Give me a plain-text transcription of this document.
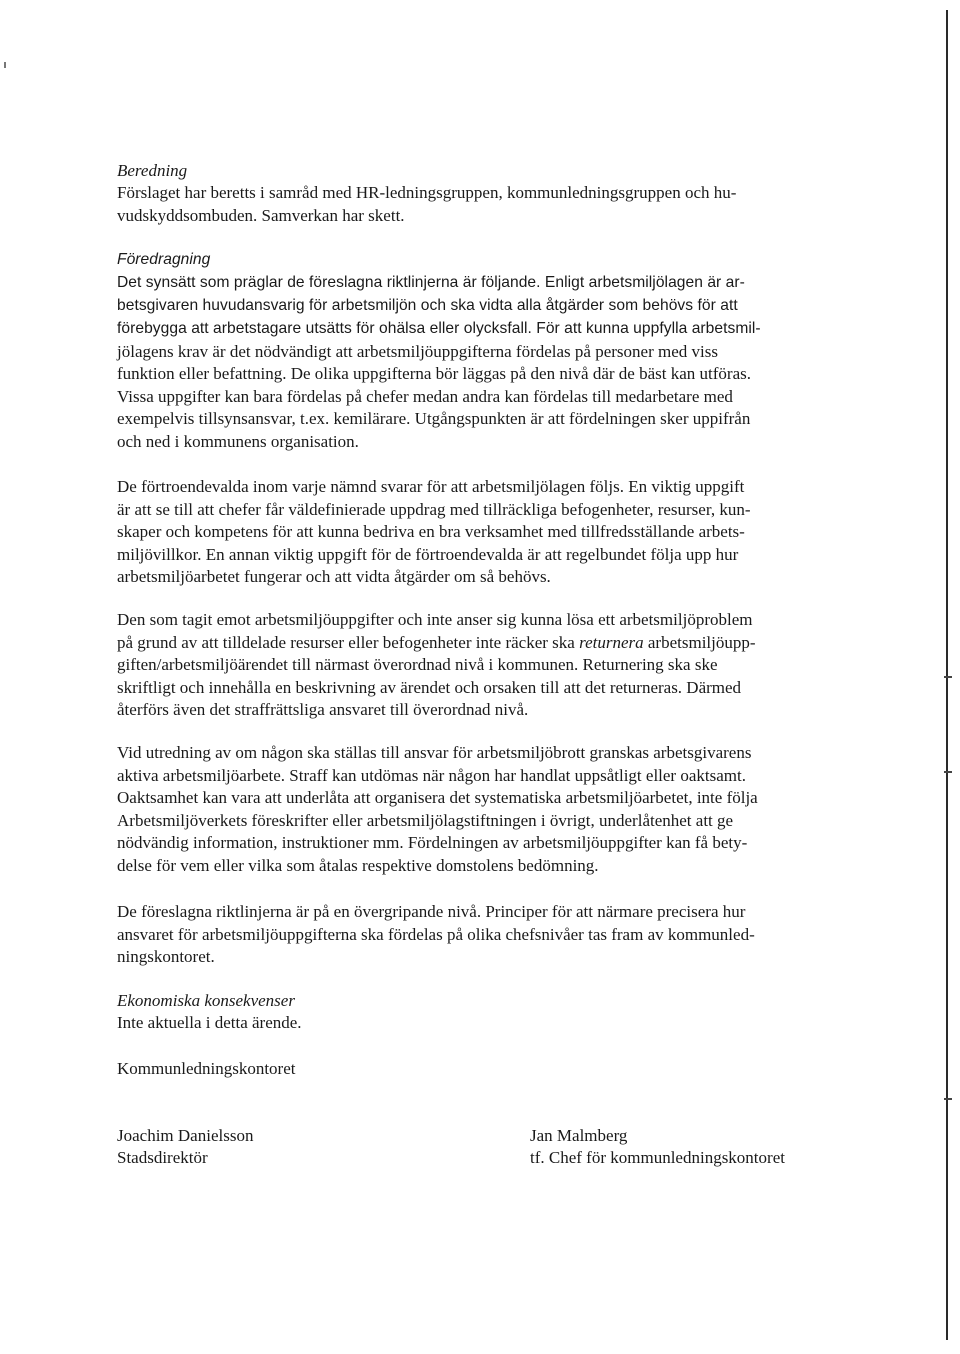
Beredning

Förslaget har beretts i samråd med HR-ledningsgruppen, kommunledningsgruppen och hu-

vudskyddsombuden. Samverkan har skett.

Föredragning

Det synsätt som präglar de föreslagna riktlinjerna är följande. Enligt arbetsmiljölagen är ar-

betsgivaren huvudansvarig för arbetsmiljön och ska vidta alla åtgärder som behövs för att

förebygga att arbetstagare utsätts för ohälsa eller olycksfall. För att kunna uppfylla arbetsmil-

jölagens krav är det nödvändigt att arbetsmiljöuppgifterna fördelas på personer med viss

funktion eller befattning. De olika uppgifterna bör läggas på den nivå där de bäst kan utföras.

Vissa uppgifter kan bara fördelas på chefer medan andra kan fördelas till medarbetare med

exempelvis tillsynsansvar, t.ex. kemilärare. Utgångspunkten är att fördelningen sker uppifrån

och ned i kommunens organisation.

De förtroendevalda inom varje nämnd svarar för att arbetsmiljölagen följs. En viktig uppgift

är att se till att chefer får väldefinierade uppdrag med tillräckliga befogenheter, resurser, kun-

skaper och kompetens för att kunna bedriva en bra verksamhet med tillfredsställande arbets-

miljövillkor. En annan viktig uppgift för de förtroendevalda är att regelbundet följa upp hur

arbetsmiljöarbetet fungerar och att vidta åtgärder om så behövs.

Den som tagit emot arbetsmiljöuppgifter och inte anser sig kunna lösa ett arbetsmiljöproblem

på grund av att tilldelade resurser eller befogenheter inte räcker ska returnera arbetsmiljöupp-

giften/arbetsmiljöärendet till närmast överordnad nivå i kommunen. Returnering ska ske

skriftligt och innehålla en beskrivning av ärendet och orsaken till att det returneras. Därmed

återförs även det straffrättsliga ansvaret till överordnad nivå.

Vid utredning av om någon ska ställas till ansvar för arbetsmiljöbrott granskas arbetsgivarens

aktiva arbetsmiljöarbete. Straff kan utdömas när någon har handlat uppsåtligt eller oaktsamt.

Oaktsamhet kan vara att underlåta att organisera det systematiska arbetsmiljöarbetet, inte följa

Arbetsmiljöverkets föreskrifter eller arbetsmiljölagstiftningen i övrigt, underlåtenhet att ge

nödvändig information, instruktioner mm. Fördelningen av arbetsmiljöuppgifter kan få bety-

delse för vem eller vilka som åtalas respektive domstolens bedömning.

De föreslagna riktlinjerna är på en övergripande nivå. Principer för att närmare precisera hur

ansvaret för arbetsmiljöuppgifterna ska fördelas på olika chefsnivåer tas fram av kommunled-

ningskontoret.

Ekonomiska konsekvenser

Inte aktuella i detta ärende.

Kommunledningskontoret

Joachim Danielsson
Stadsdirektör
Jan Malmberg
tf. Chef för kommunledningskontoret
